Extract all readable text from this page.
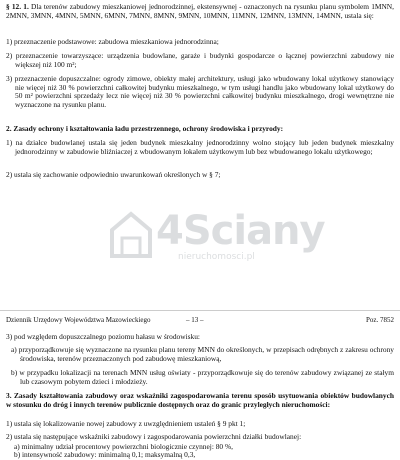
§ 12. 1. Dla terenów zabudowy mieszkaniowej jednorodzinnej, ekstensywnej - oznaczonych na rysunku planu symbolem 1MNN, 2MNN, 3MNN, 4MNN, 5MNN, 6MNN, 7MNN, 8MNN, 9MNN, 10MNN, 11MNN, 12MNN, 13MNN, 14MNN, ustala się:
1) przeznaczenie podstawowe: zabudowa mieszkaniowa jednorodzinna;
2) przeznaczenie towarzyszące: urządzenia budowlane, garaże i budynki gospodarcze o łącznej powierzchni zabudowy nie większej niż 100 m²;
3) przeznaczenie dopuszczalne: ogrody zimowe, obiekty małej architektury, usługi jako wbudowany lokal użytkowy stanowiący nie więcej niż 30 % powierzchni całkowitej budynku mieszkalnego, w tym usługi handlu jako wbudowany lokal użytkowy do 50 m² powierzchni sprzedaży lecz nie więcej niż 30 % powierzchni całkowitej budynku mieszkalnego, drogi wewnętrzne nie wyznaczone na rysunku planu.
2. Zasady ochrony i kształtowania ładu przestrzennego, ochrony środowiska i przyrody:
1) na działce budowlanej ustala się jeden budynek mieszkalny jednorodzinny wolno stojący lub jeden budynek mieszkalny jednorodzinny w zabudowie bliźniaczej z wbudowanym lokalem użytkowym lub bez wbudowanego lokalu użytkowego;
2) ustala się zachowanie odpowiednio uwarunkowań określonych w § 7;
4Sciany
nieruchomosci.pl
Dziennik Urzędowy Województwa Mazowieckiego	– 13 –	Poz. 7852
3) pod względem dopuszczalnego poziomu hałasu w środowisku:
a) przyporządkowuje się wyznaczone na rysunku planu tereny MNN do określonych, w przepisach odrębnych z zakresu ochrony środowiska, terenów przeznaczonych pod zabudowę mieszkaniową,
b) w przypadku lokalizacji na terenach MNN usług oświaty - przyporządkowuje się do terenów zabudowy związanej ze stałym lub czasowym pobytem dzieci i młodzieży.
3. Zasady kształtowania zabudowy oraz wskaźniki zagospodarowania terenu sposób usytuowania obiektów budowlanych w stosunku do dróg i innych terenów publicznie dostępnych oraz do granic przyległych nieruchomości:
1) ustala się lokalizowanie nowej zabudowy z uwzględnieniem ustaleń § 9 pkt 1;
2) ustala się następujące wskaźniki zabudowy i zagospodarowania powierzchni działki budowlanej:
a) minimalny udział procentowy powierzchni biologicznie czynnej: 80 %,
b) intensywność zabudowy: minimalną 0,1; maksymalną 0,3,
